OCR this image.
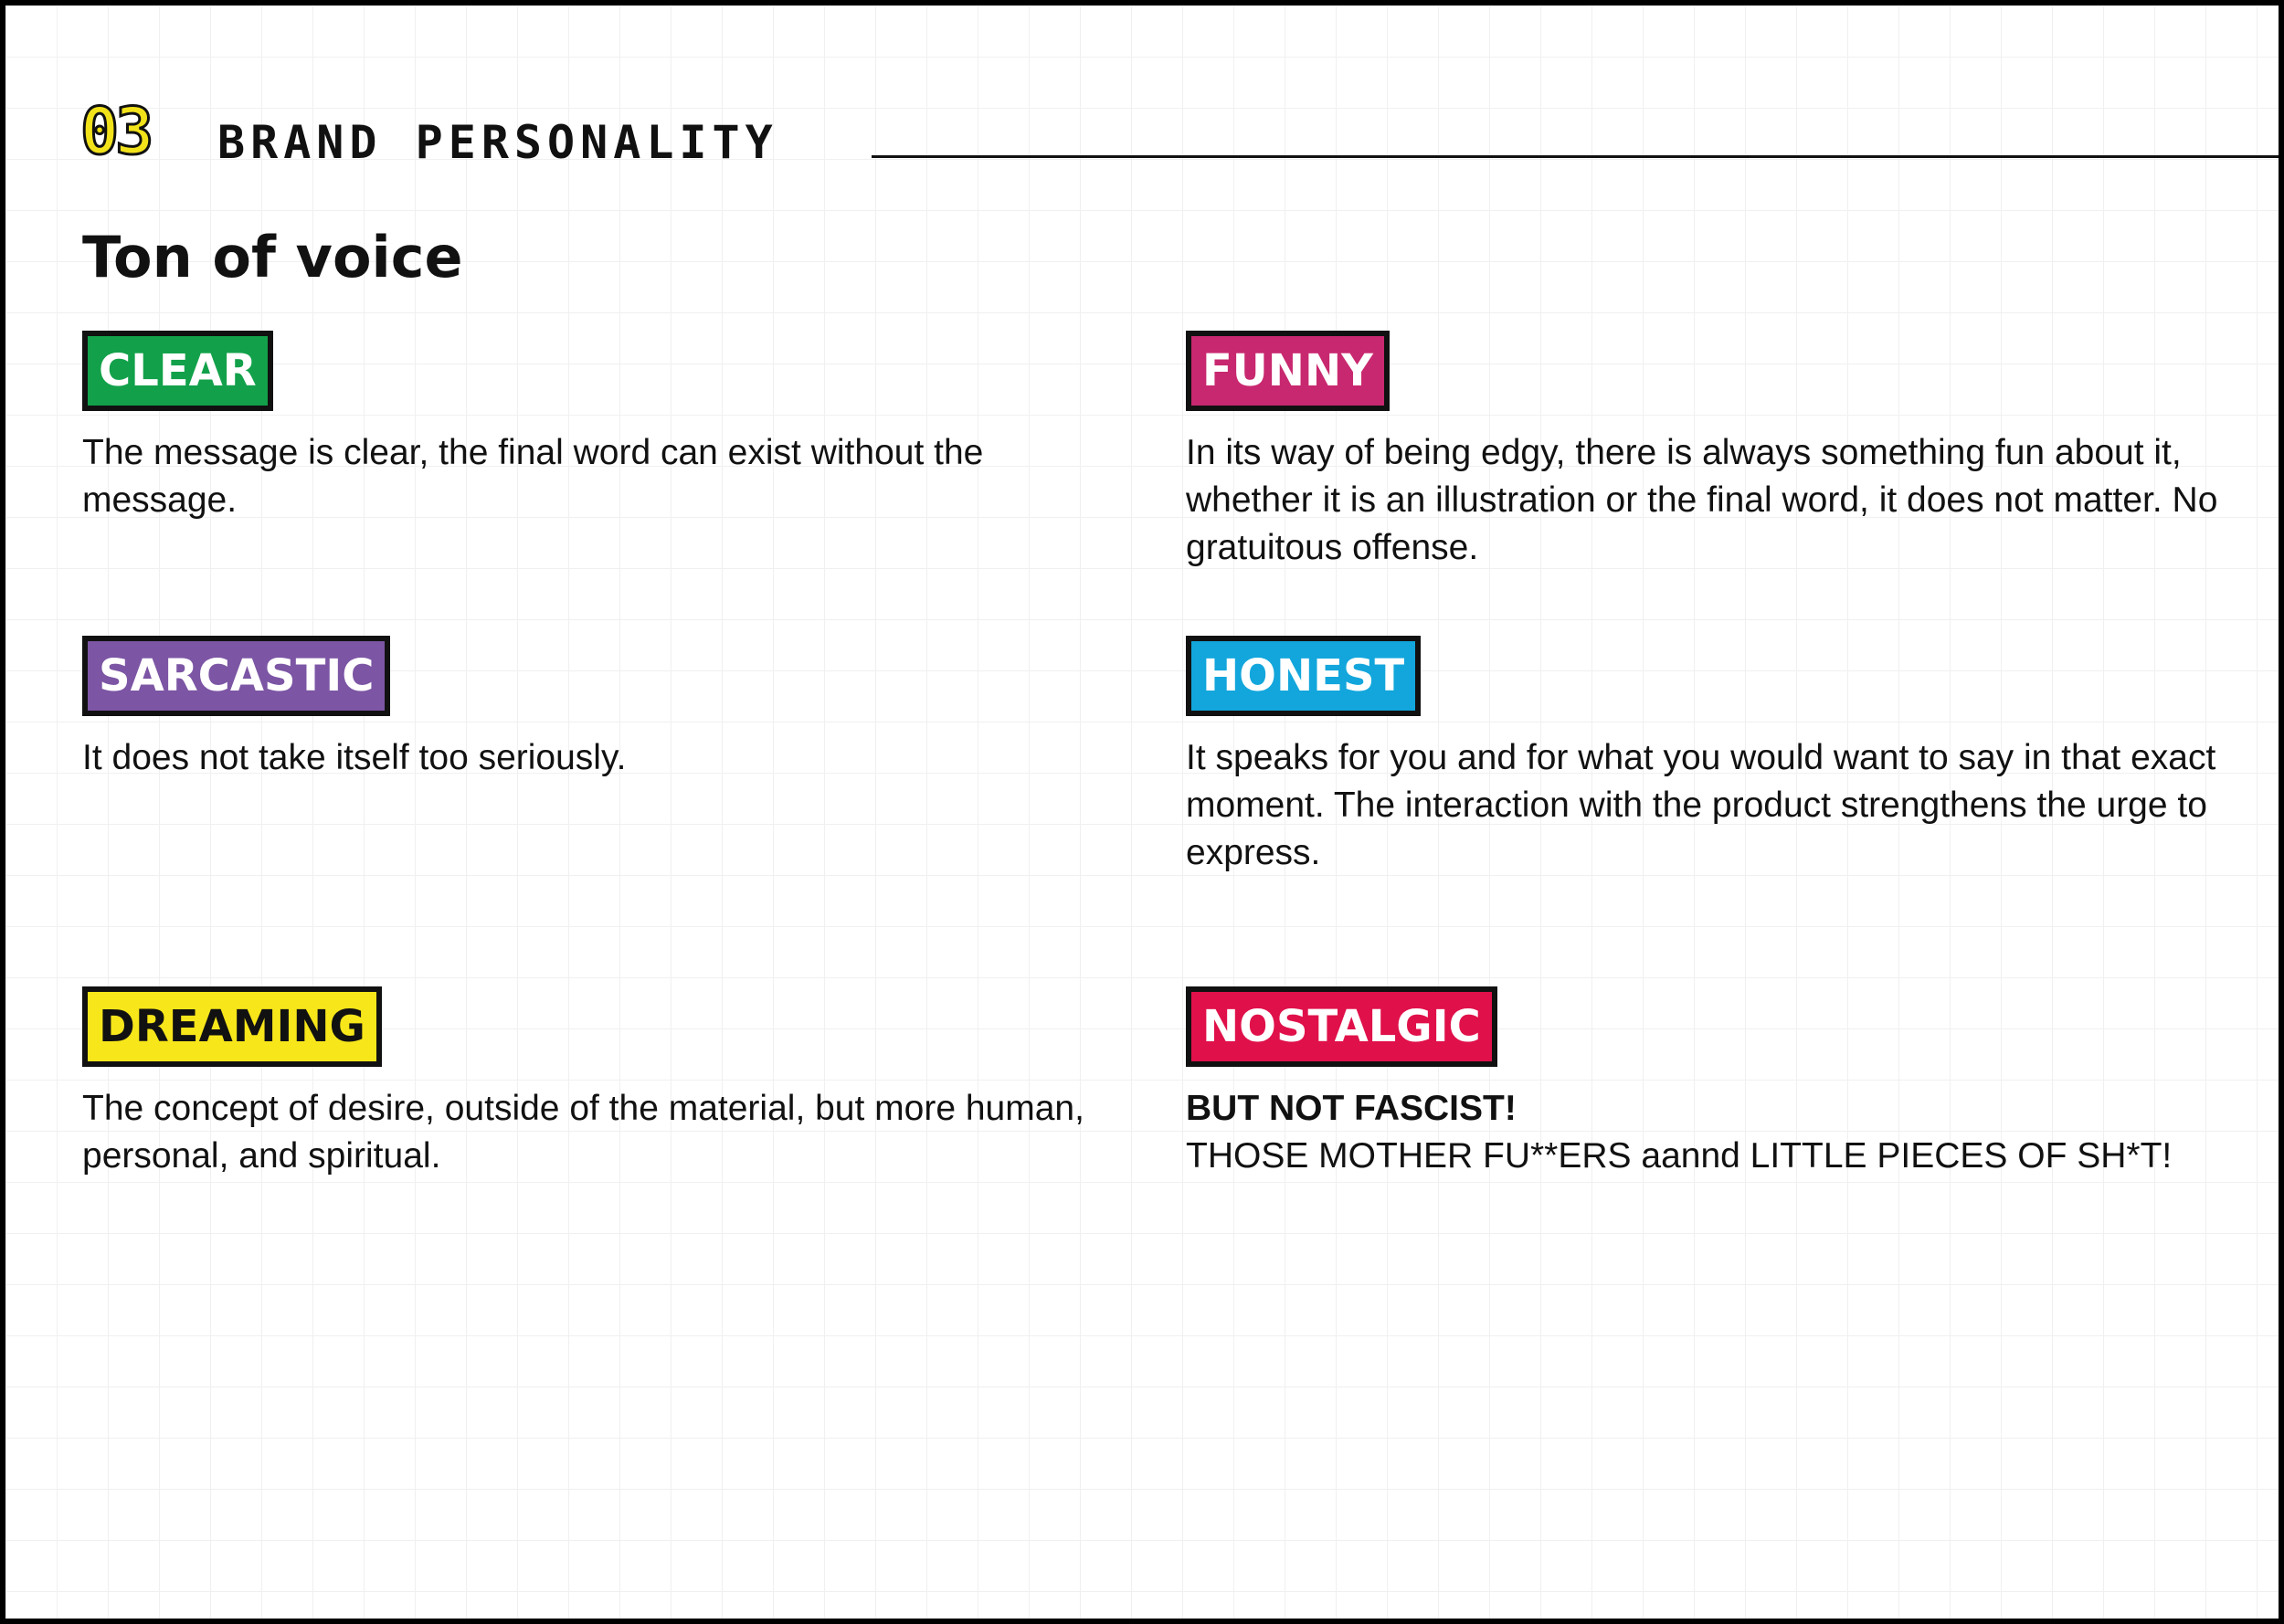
03 BRAND PERSONALITY
Ton of voice
CLEAR

The message is clear, the final word can exist without the message.

FUNNY

In its way of being edgy, there is always something fun about it,    whether it is an illustration or the final word, it does not matter. No gratuitous offense.

SARCASTIC

It does not take itself too seriously.

HONEST

It speaks for you and for what you would want to say in that exact moment. The interaction with the product strengthens the urge to express.

DREAMING

The concept of desire, outside of the material, but more human, personal, and spiritual.

NOSTALGIC

BUT NOT FASCIST!

THOSE MOTHER FU**ERS aannd LITTLE PIECES OF SH*T!
